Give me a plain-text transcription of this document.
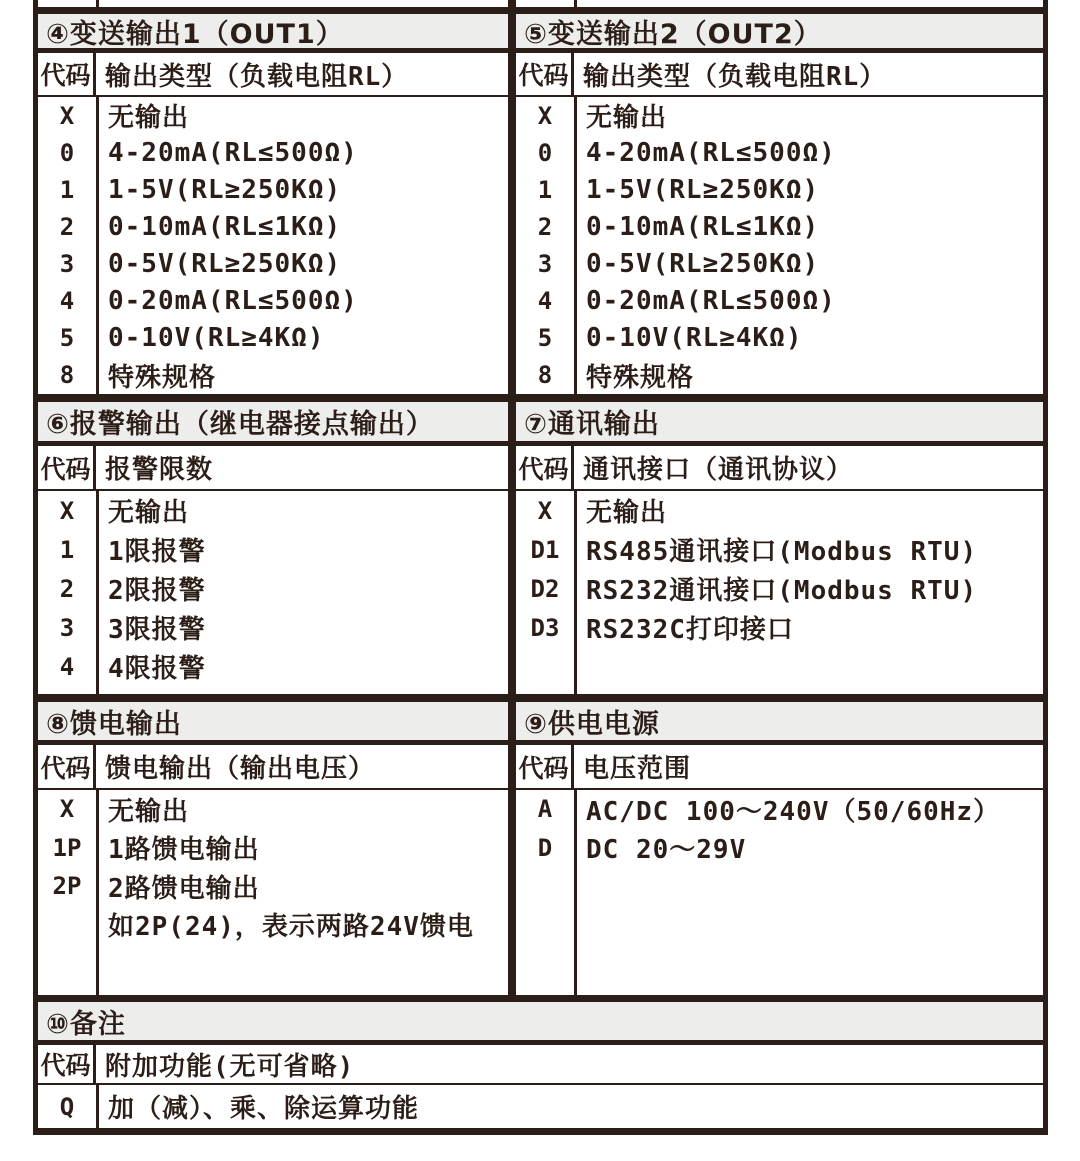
④变送输出1（OUT1）
代码 输出类型（负载电阻RL）
X	无输出
0	4-20mA(RL≤500Ω)
1	1-5V(RL≥250KΩ)
2	0-10mA(RL≤1KΩ)
3	0-5V(RL≥250KΩ)
4	0-20mA(RL≤500Ω)
5	0-10V(RL≥4KΩ)
8	特殊规格
⑤变送输出2（OUT2）
代码 输出类型（负载电阻RL）
X	无输出
0	4-20mA(RL≤500Ω)
1	1-5V(RL≥250KΩ)
2	0-10mA(RL≤1KΩ)
3	0-5V(RL≥250KΩ)
4	0-20mA(RL≤500Ω)
5	0-10V(RL≥4KΩ)
8	特殊规格
⑥报警输出（继电器接点输出）
代码 报警限数
X	无输出
1	1限报警
2	2限报警
3	3限报警
4	4限报警
⑦通讯输出
代码 通讯接口（通讯协议）
X	无输出
D1	RS485通讯接口(Modbus RTU)
D2	RS232通讯接口(Modbus RTU)
D3	RS232C打印接口
⑧馈电输出
代码 馈电输出（输出电压）
X	无输出
1P	1路馈电输出
2P	2路馈电输出
如2P(24)，表示两路24V馈电
⑨供电电源
代码 电压范围
A	AC/DC 100～240V（50/60Hz）
D	DC 20～29V
⑩备注
代码 附加功能(无可省略)
Q	加（减）、乘、除运算功能
